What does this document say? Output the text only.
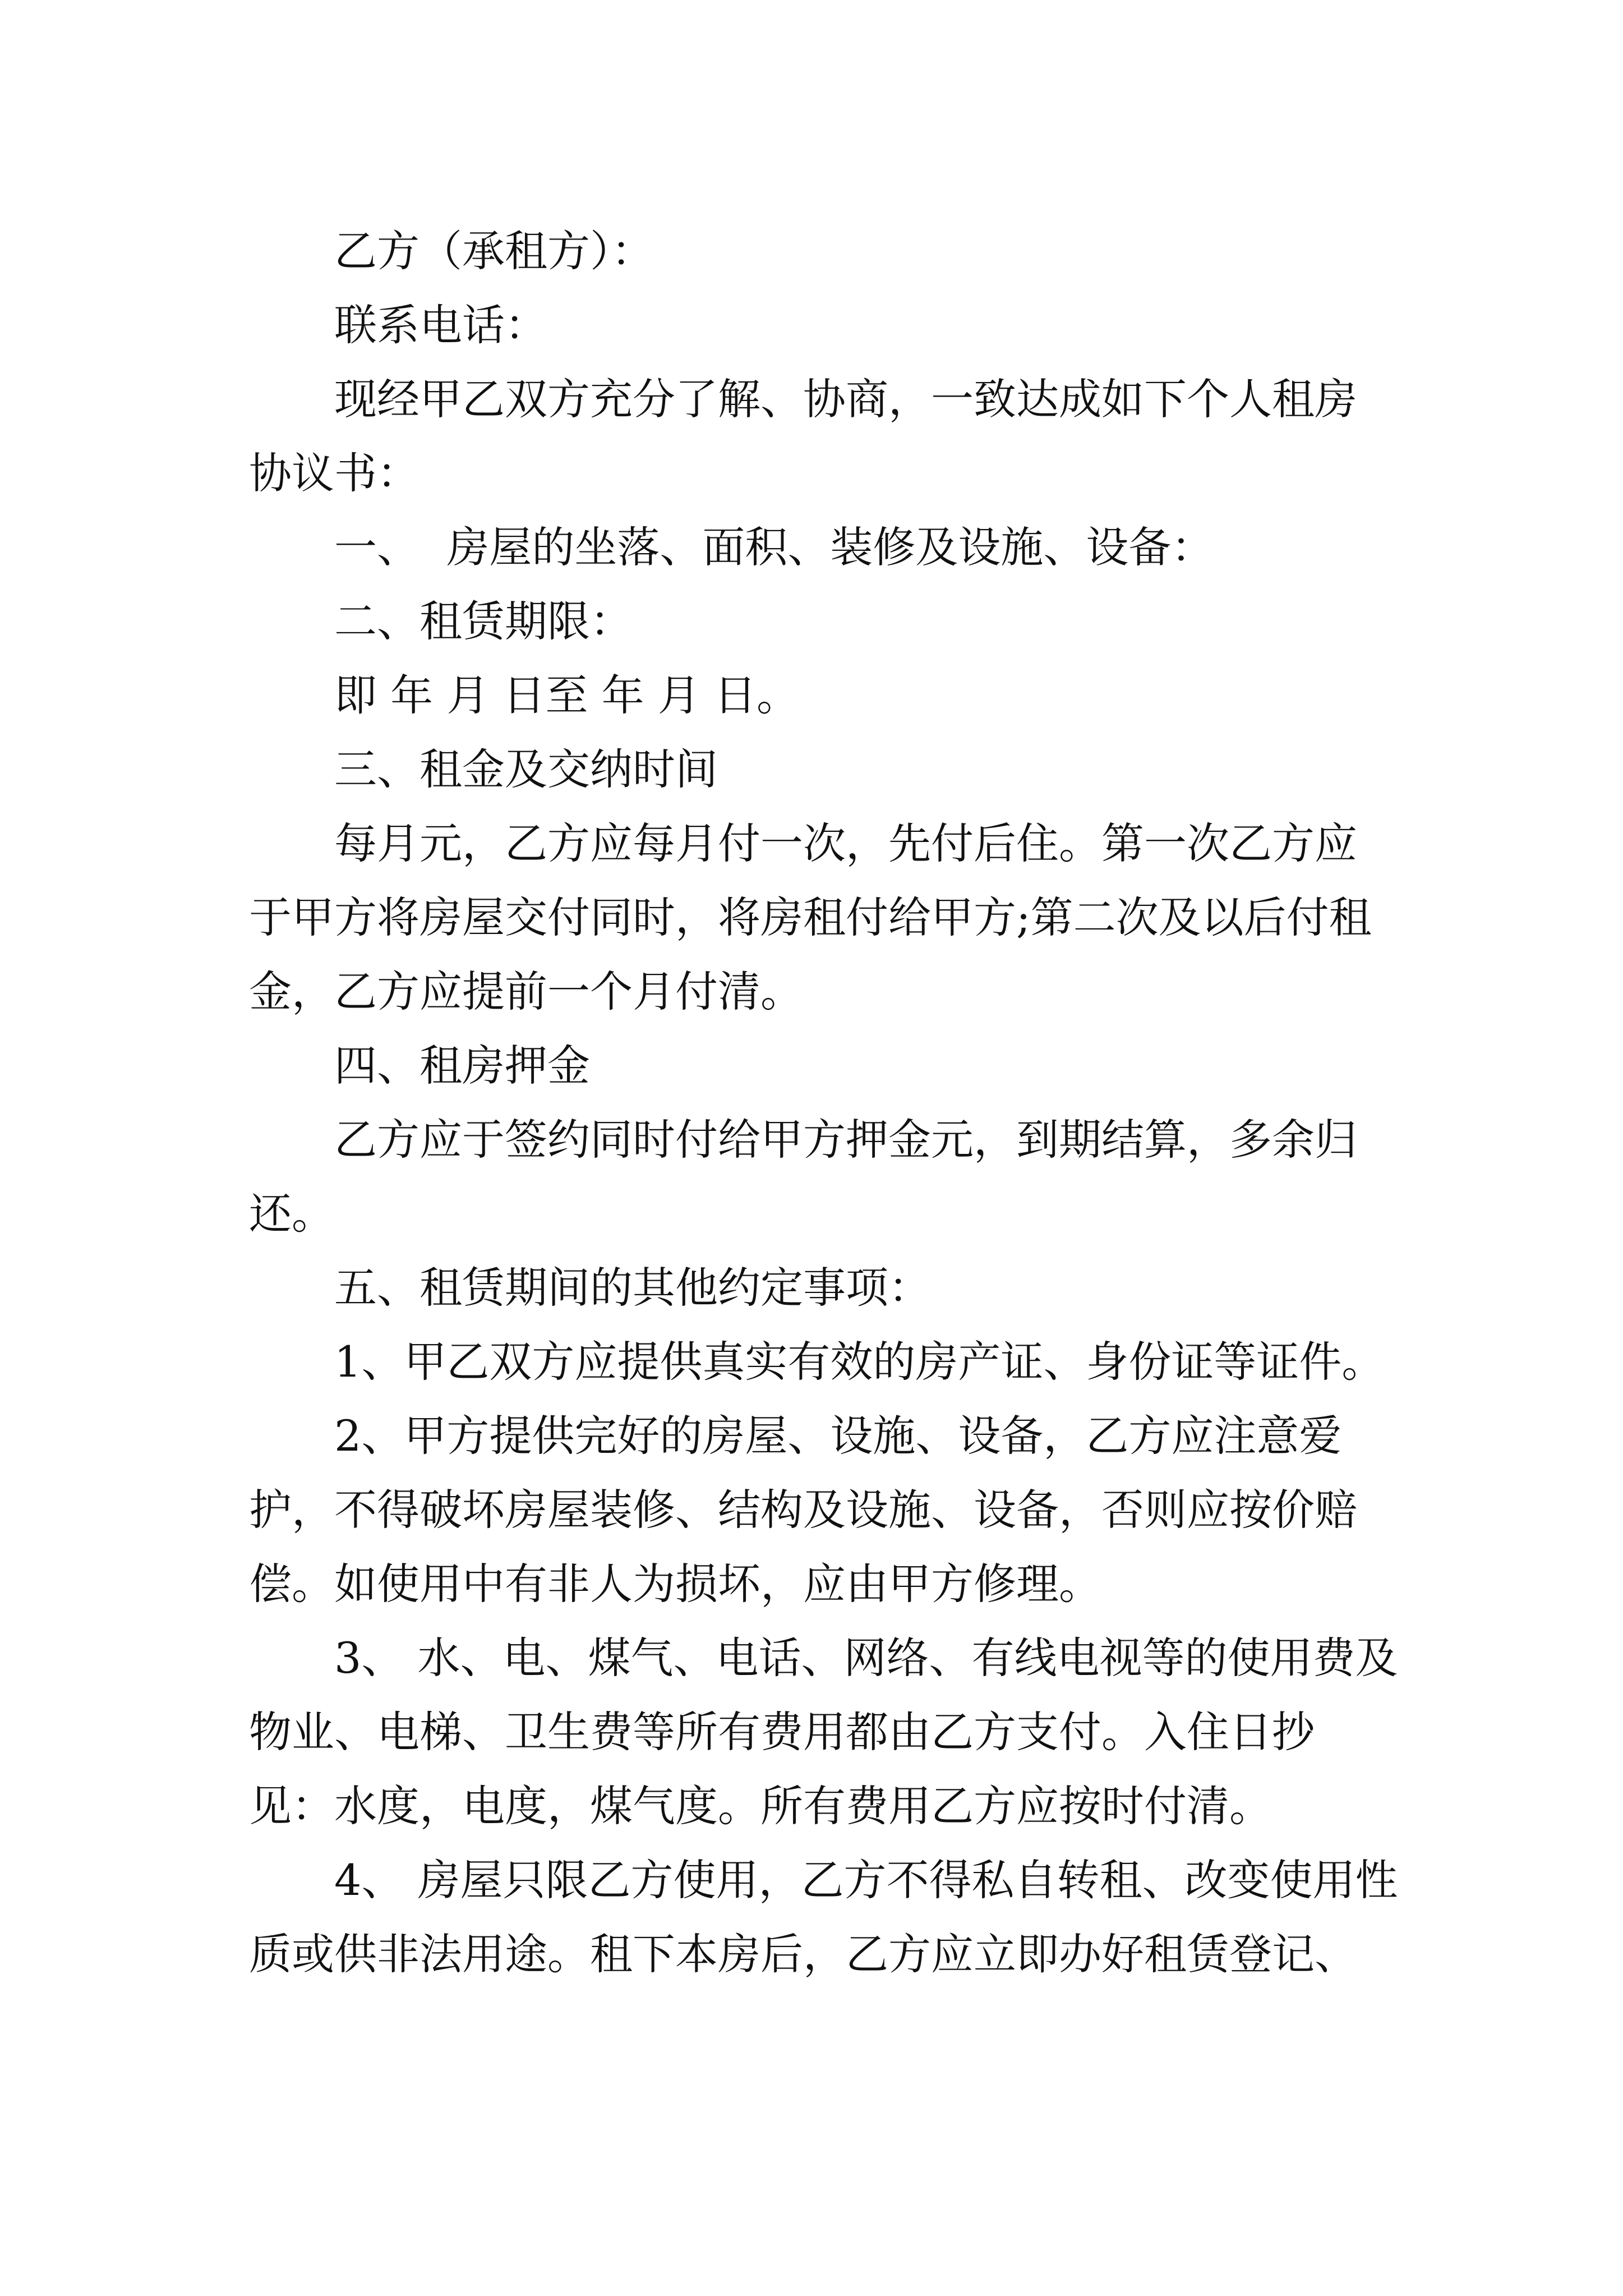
乙方（承租方）：

联系电话：

现经甲乙双方充分了解、协商，一致达成如下个人租房协议书：

一、  房屋的坐落、面积、装修及设施、设备：

二、租赁期限：

即 年 月 日至 年 月 日。

三、租金及交纳时间

每月元，乙方应每月付一次，先付后住。第一次乙方应于甲方将房屋交付同时，将房租付给甲方;第二次及以后付租金，乙方应提前一个月付清。

四、租房押金

乙方应于签约同时付给甲方押金元，到期结算，多余归还。

五、租赁期间的其他约定事项：

1、甲乙双方应提供真实有效的房产证、身份证等证件。

2、甲方提供完好的房屋、设施、设备，乙方应注意爱护，不得破坏房屋装修、结构及设施、设备，否则应按价赔偿。如使用中有非人为损坏，应由甲方修理。

3、 水、电、煤气、电话、网络、有线电视等的使用费及物业、电梯、卫生费等所有费用都由乙方支付。入住日抄见：水度，电度，煤气度。所有费用乙方应按时付清。

4、 房屋只限乙方使用，乙方不得私自转租、改变使用性质或供非法用途。租下本房后，乙方应立即办好租赁登记、
